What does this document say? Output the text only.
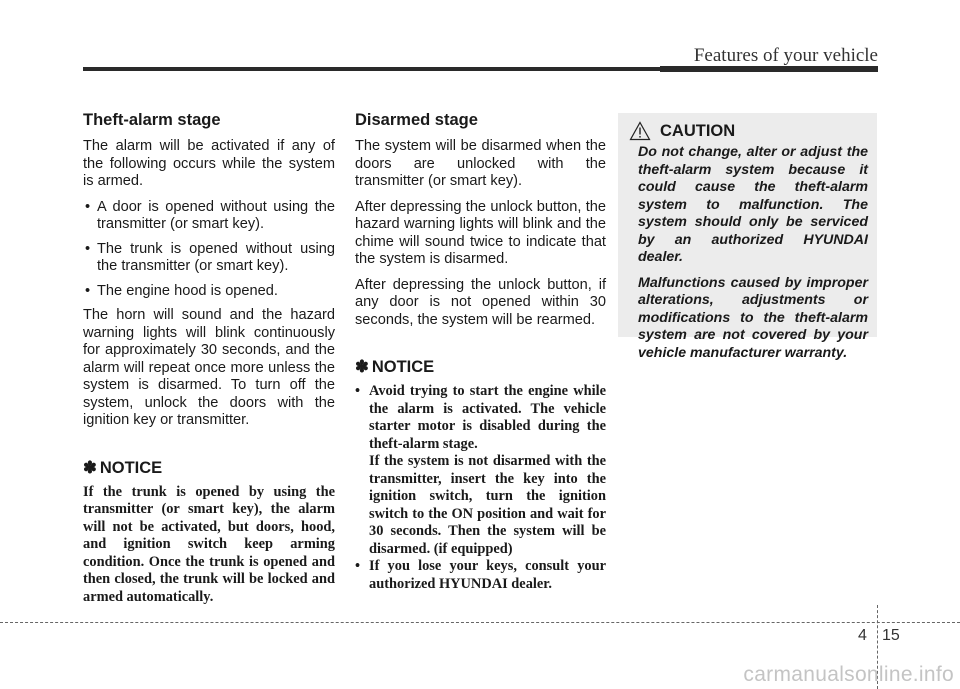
Features of your vehicle
Theft-alarm stage

The alarm will be activated if any of the following occurs while the system is armed.

• A door is opened without using the transmitter (or smart key).
• The trunk is opened without using the transmitter (or smart key).
• The engine hood is opened.

The horn will sound and the hazard warning lights will blink continuously for approximately 30 seconds, and the alarm will repeat once more unless the system is disarmed. To turn off the system, unlock the doors with the ignition key or transmitter.

✽ NOTICE

If the trunk is opened by using the transmitter (or smart key), the alarm will not be activated, but doors, hood, and ignition switch keep arming condition. Once the trunk is opened and then closed, the trunk will be locked and armed automatically.

Disarmed stage

The system will be disarmed when the doors are unlocked with the transmitter (or smart key).

After depressing the unlock button, the hazard warning lights will blink and the chime will sound twice to indicate that the system is disarmed.

After depressing the unlock button, if any door is not opened within 30 seconds, the system will be rearmed.

✽ NOTICE
• Avoid trying to start the engine while the alarm is activated. The vehicle starter motor is disabled during the theft-alarm stage.
If the system is not disarmed with the transmitter, insert the key into the ignition switch, turn the ignition switch to the ON position and wait for 30 seconds. Then the system will be disarmed. (if equipped)
• If you lose your keys, consult your authorized HYUNDAI dealer.
CAUTION

Do not change, alter or adjust the theft-alarm system because it could cause the theft-alarm system to malfunction. The system should only be serviced by an authorized HYUNDAI dealer.

Malfunctions caused by improper alterations, adjustments or modifications to the theft-alarm system are not covered by your vehicle manufacturer warranty.

4 15
carmanualsonline.info
